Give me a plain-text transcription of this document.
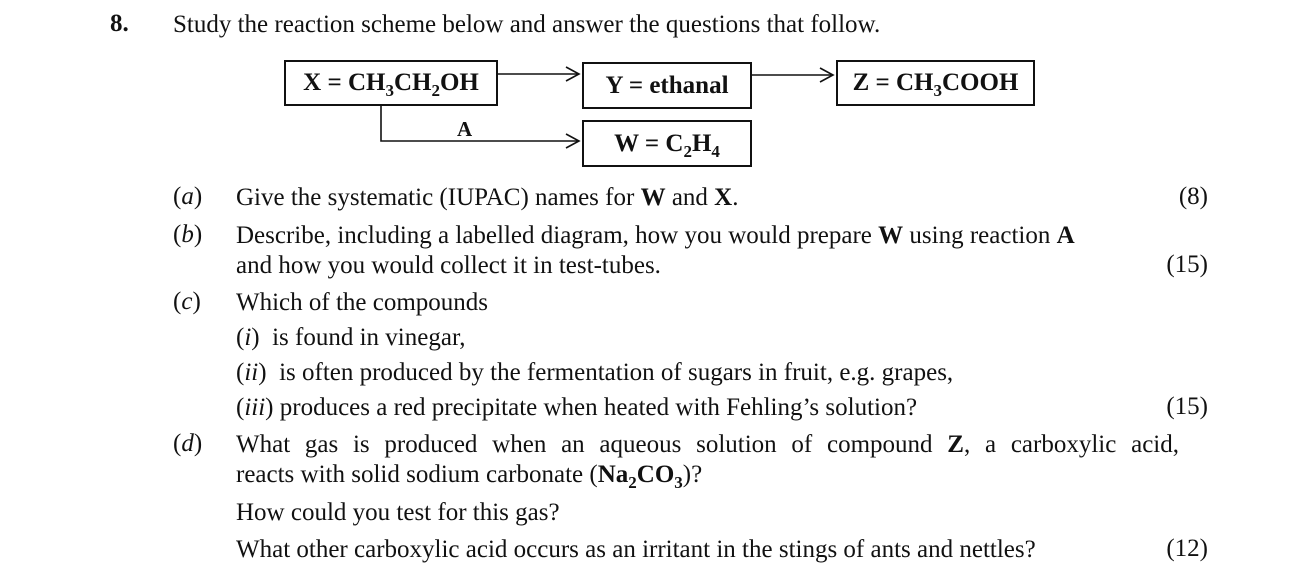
8. Study the reaction scheme below and answer the questions that follow.
$X = CH_3CH_2OH$	Y = ethanal	$Z = CH_3COOH$
$W = C_2H_4$
A
(a) Give the systematic (IUPAC) names for W and X.	(8)
(b) Describe, including a labelled diagram, how you would prepare W using reaction A
and how you would collect it in test-tubes.	(15)
(c) Which of the compounds
(i)  is found in vinegar,
(ii)  is often produced by the fermentation of sugars in fruit, e.g. grapes,
(iii) produces a red precipitate when heated with Fehling’s solution?	(15)
(d) What gas is produced when an aqueous solution of compound Z, a carboxylic acid,
reacts with solid sodium carbonate $(Na_2CO_3)$?
How could you test for this gas?
What other carboxylic acid occurs as an irritant in the stings of ants and nettles?	(12)
